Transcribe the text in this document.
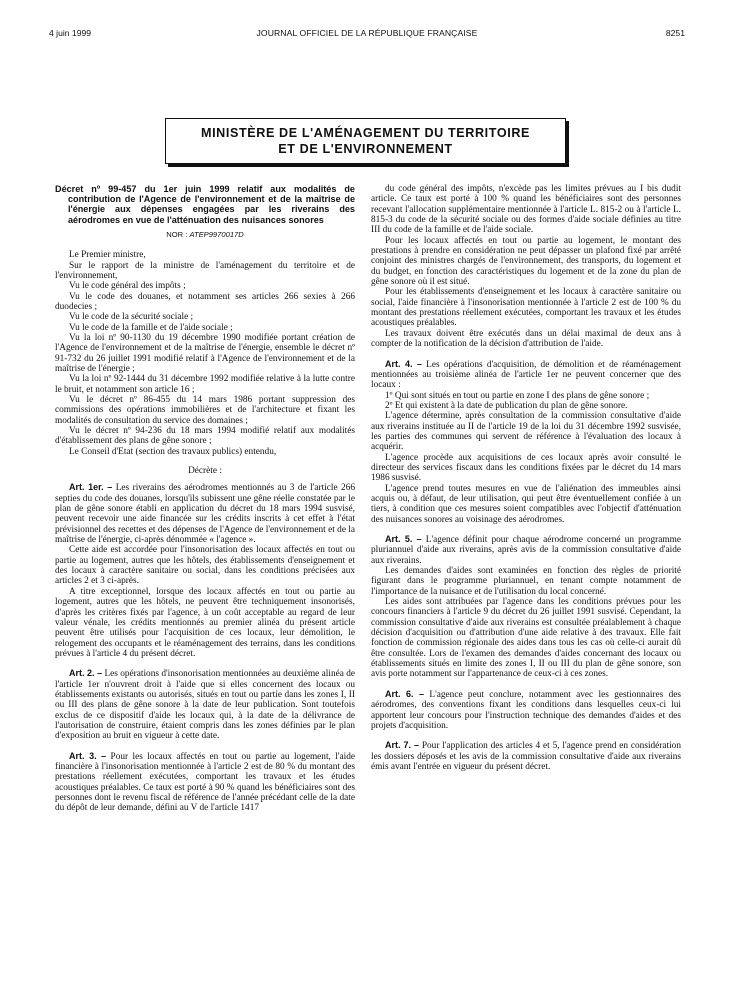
4 juin 1999	JOURNAL OFFICIEL DE LA RÉPUBLIQUE FRANÇAISE	8251
MINISTÈRE DE L'AMÉNAGEMENT DU TERRITOIRE
ET DE L'ENVIRONNEMENT
Décret nº 99-457 du 1er juin 1999 relatif aux modalités de contribution de l'Agence de l'environnement et de la maîtrise de l'énergie aux dépenses engagées par les riverains des aérodromes en vue de l'atténuation des nuisances sonores
NOR : ATEP9970017D

Le Premier ministre,

Sur le rapport de la ministre de l'aménagement du territoire et de l'environnement,

Vu le code général des impôts ;

Vu le code des douanes, et notamment ses articles 266 sexies à 266 duodecies ;

Vu le code de la sécurité sociale ;

Vu le code de la famille et de l'aide sociale ;

Vu la loi nº 90-1130 du 19 décembre 1990 modifiée portant création de l'Agence de l'environnement et de la maîtrise de l'énergie, ensemble le décret nº 91-732 du 26 juillet 1991 modifié relatif à l'Agence de l'environnement et de la maîtrise de l'énergie ;

Vu la loi nº 92-1444 du 31 décembre 1992 modifiée relative à la lutte contre le bruit, et notamment son article 16 ;

Vu le décret nº 86-455 du 14 mars 1986 portant suppression des commissions des opérations immobilières et de l'architecture et fixant les modalités de consultation du service des domaines ;

Vu le décret nº 94-236 du 18 mars 1994 modifié relatif aux modalités d'établissement des plans de gêne sonore ;

Le Conseil d'Etat (section des travaux publics) entendu,

Décrète :

Art. 1er. – Les riverains des aérodromes mentionnés au 3 de l'article 266 septies du code des douanes, lorsqu'ils subissent une gêne réelle constatée par le plan de gêne sonore établi en application du décret du 18 mars 1994 susvisé, peuvent recevoir une aide financée sur les crédits inscrits à cet effet à l'état prévisionnel des recettes et des dépenses de l'Agence de l'environnement et de la maîtrise de l'énergie, ci-après dénommée « l'agence ».

Cette aide est accordée pour l'insonorisation des locaux affectés en tout ou partie au logement, autres que les hôtels, des établissements d'enseignement et des locaux à caractère sanitaire ou social, dans les conditions précisées aux articles 2 et 3 ci-après.

A titre exceptionnel, lorsque des locaux affectés en tout ou partie au logement, autres que les hôtels, ne peuvent être techniquement insonorisés, d'après les critères fixés par l'agence, à un coût acceptable au regard de leur valeur vénale, les crédits mentionnés au premier alinéa du présent article peuvent être utilisés pour l'acquisition de ces locaux, leur démolition, le relogement des occupants et le réaménagement des terrains, dans les conditions prévues à l'article 4 du présent décret.

Art. 2. – Les opérations d'insonorisation mentionnées au deuxième alinéa de l'article 1er n'ouvrent droit à l'aide que si elles concernent des locaux ou établissements existants ou autorisés, situés en tout ou partie dans les zones I, II ou III des plans de gêne sonore à la date de leur publication. Sont toutefois exclus de ce dispositif d'aide les locaux qui, à la date de la délivrance de l'autorisation de construire, étaient compris dans les zones définies par le plan d'exposition au bruit en vigueur à cette date.

Art. 3. – Pour les locaux affectés en tout ou partie au logement, l'aide financière à l'insonorisation mentionnée à l'article 2 est de 80 % du montant des prestations réellement exécutées, comportant les travaux et les études acoustiques préalables. Ce taux est porté à 90 % quand les bénéficiaires sont des personnes dont le revenu fiscal de référence de l'année précédant celle de la date du dépôt de leur demande, défini au V de l'article 1417

du code général des impôts, n'excède pas les limites prévues au I bis dudit article. Ce taux est porté à 100 % quand les bénéficiaires sont des personnes recevant l'allocation supplémentaire mentionnée à l'article L. 815-2 ou à l'article L. 815-3 du code de la sécurité sociale ou des formes d'aide sociale définies au titre III du code de la famille et de l'aide sociale.

Pour les locaux affectés en tout ou partie au logement, le montant des prestations à prendre en considération ne peut dépasser un plafond fixé par arrêté conjoint des ministres chargés de l'environnement, des transports, du logement et du budget, en fonction des caractéristiques du logement et de la zone du plan de gêne sonore où il est situé.

Pour les établissements d'enseignement et les locaux à caractère sanitaire ou social, l'aide financière à l'insonorisation mentionnée à l'article 2 est de 100 % du montant des prestations réellement exécutées, comportant les travaux et les études acoustiques préalables.

Les travaux doivent être exécutés dans un délai maximal de deux ans à compter de la notification de la décision d'attribution de l'aide.

Art. 4. – Les opérations d'acquisition, de démolition et de réaménagement mentionnées au troisième alinéa de l'article 1er ne peuvent concerner que des locaux :

1º Qui sont situés en tout ou partie en zone I des plans de gêne sonore ;

2º Et qui existent à la date de publication du plan de gêne sonore.

L'agence détermine, après consultation de la commission consultative d'aide aux riverains instituée au II de l'article 19 de la loi du 31 décembre 1992 susvisée, les parties des communes qui servent de référence à l'évaluation des locaux à acquérir.

L'agence procède aux acquisitions de ces locaux après avoir consulté le directeur des services fiscaux dans les conditions fixées par le décret du 14 mars 1986 susvisé.

L'agence prend toutes mesures en vue de l'aliénation des immeubles ainsi acquis ou, à défaut, de leur utilisation, qui peut être éventuellement confiée à un tiers, à condition que ces mesures soient compatibles avec l'objectif d'atténuation des nuisances sonores au voisinage des aérodromes.

Art. 5. – L'agence définit pour chaque aérodrome concerné un programme pluriannuel d'aide aux riverains, après avis de la commission consultative d'aide aux riverains.

Les demandes d'aides sont examinées en fonction des règles de priorité figurant dans le programme pluriannuel, en tenant compte notamment de l'importance de la nuisance et de l'utilisation du local concerné.

Les aides sont attribuées par l'agence dans les conditions prévues pour les concours financiers à l'article 9 du décret du 26 juillet 1991 susvisé. Cependant, la commission consultative d'aide aux riverains est consultée préalablement à chaque décision d'acquisition ou d'attribution d'une aide relative à des travaux. Elle fait fonction de commission régionale des aides dans tous les cas où celle-ci aurait dû être consultée. Lors de l'examen des demandes d'aides concernant des locaux ou établissements situés en limite des zones I, II ou III du plan de gêne sonore, son avis porte notamment sur l'appartenance de ceux-ci à ces zones.

Art. 6. – L'agence peut conclure, notamment avec les gestionnaires des aérodromes, des conventions fixant les conditions dans lesquelles ceux-ci lui apportent leur concours pour l'instruction technique des demandes d'aides et des projets d'acquisition.

Art. 7. – Pour l'application des articles 4 et 5, l'agence prend en considération les dossiers déposés et les avis de la commission consultative d'aide aux riverains émis avant l'entrée en vigueur du présent décret.
